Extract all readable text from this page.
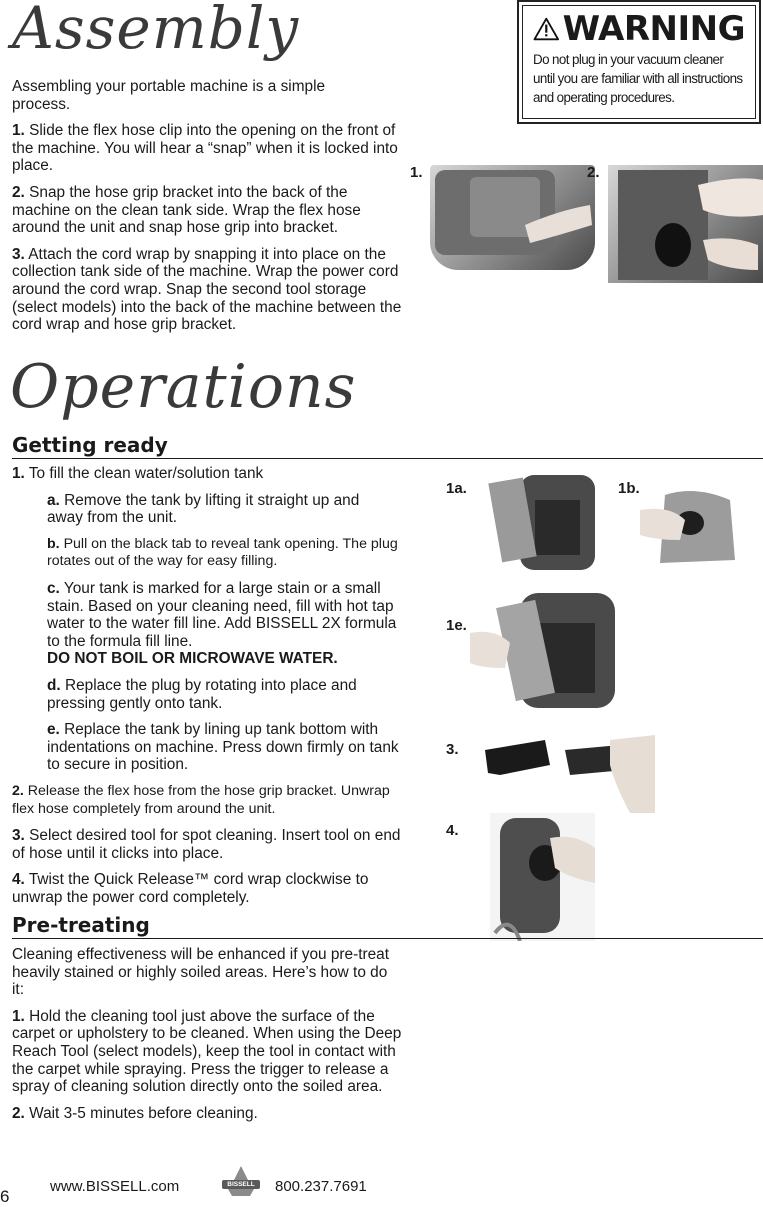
Assembly

Assembling your portable machine is a simple process.

1. Slide the flex hose clip into the opening on the front of the machine. You will hear a “snap” when it is locked into place.

2. Snap the hose grip bracket into the back of the machine on the clean tank side. Wrap the flex hose around the unit and snap hose grip into bracket.

3. Attach the cord wrap by snapping it into place on the collection tank side of the machine. Wrap the power cord around the cord wrap. Snap the second tool storage (select models) into the back of the machine between the cord wrap and hose grip bracket.

WARNING
Do not plug in your vacuum cleaner until you are familiar with all instructions and operating procedures.
1.	2.
Operations
Getting ready

1. To fill the clean water/solution tank

a. Remove the tank by lifting it straight up and away from the unit.

b. Pull on the black tab to reveal tank opening. The plug rotates out of the way for easy filling.

c. Your tank is marked for a large stain or a small stain. Based on your cleaning need, fill with hot tap water to the water fill line. Add BISSELL 2X formula to the formula fill line.
DO NOT BOIL OR MICROWAVE WATER.

d. Replace the plug by rotating into place and pressing gently onto tank.

e. Replace the tank by lining up tank bottom with indentations on machine. Press down firmly on tank to secure in position.

2. Release the flex hose from the hose grip bracket. Unwrap flex hose completely from around the unit.

3. Select desired tool for spot cleaning. Insert tool on end of hose until it clicks into place.

4. Twist the Quick Release™ cord wrap clockwise to unwrap the power cord completely.

1a.	1b.
1e.
3.
4.
Pre-treating

Cleaning effectiveness will be enhanced if you pre-treat heavily stained or highly soiled areas. Here’s how to do it:

1. Hold the cleaning tool just above the surface of the carpet or upholstery to be cleaned. When using the Deep Reach Tool (select models), keep the tool in contact with the carpet while spraying. Press the trigger to release a spray of cleaning solution directly onto the soiled area.

2. Wait 3-5 minutes before cleaning.

6
www.BISSELL.com	BISSELL	800.237.7691
